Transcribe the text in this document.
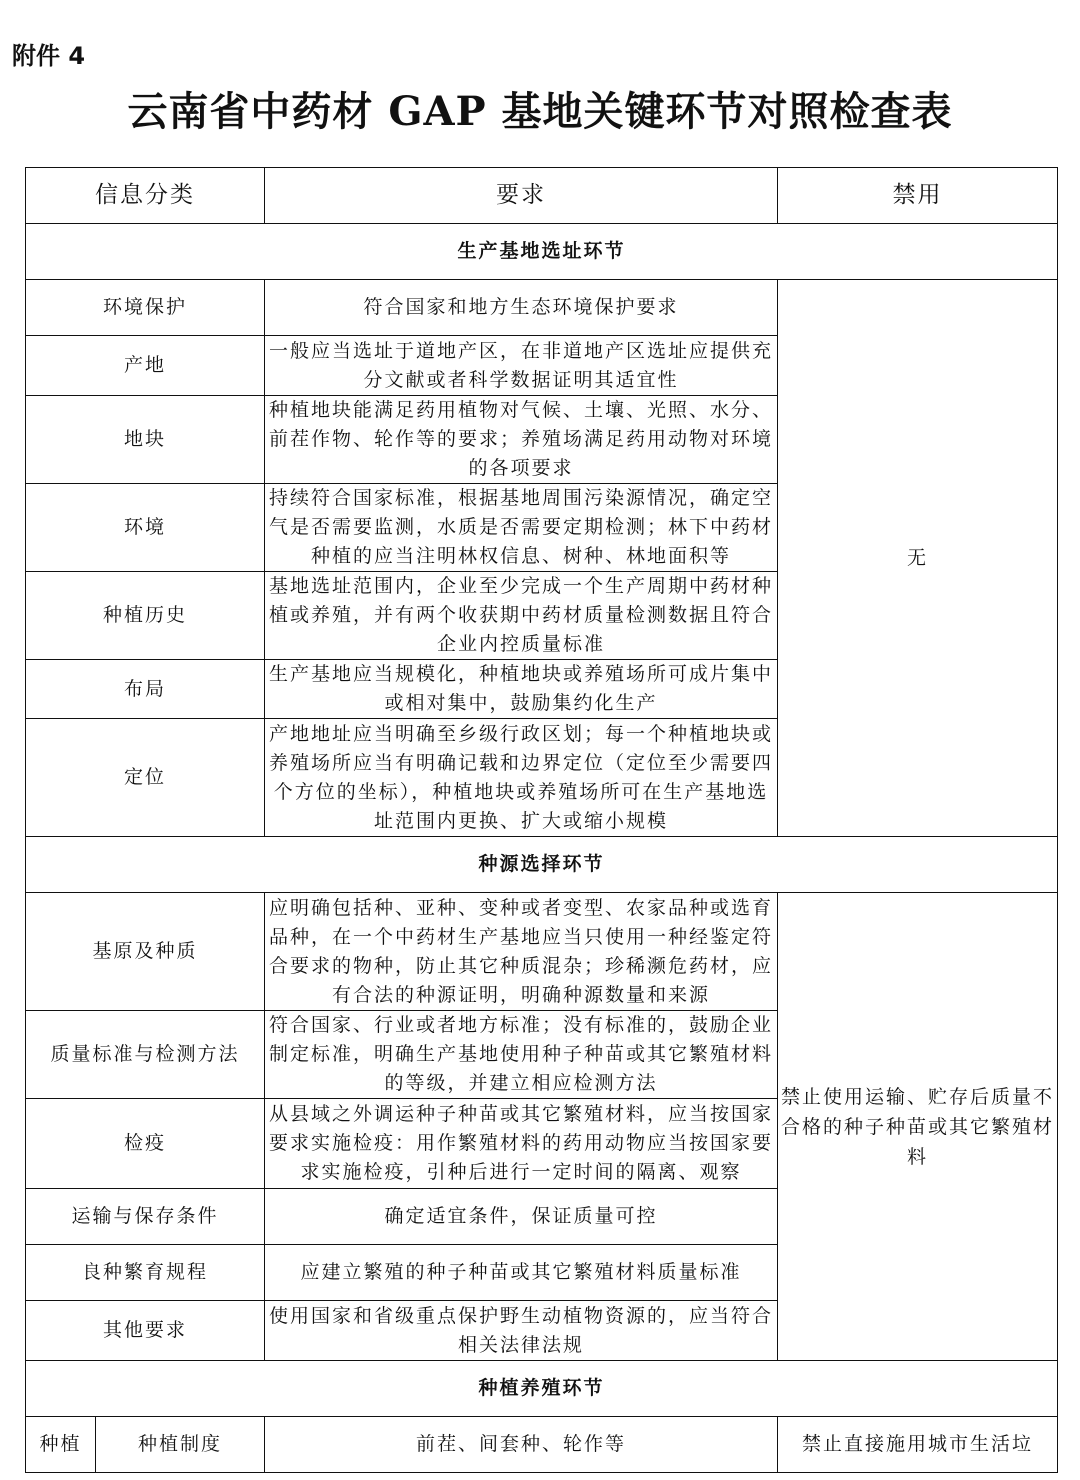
附件 4
云南省中药材 GAP 基地关键环节对照检查表
信息分类		要求	禁用
生产基地选址环节			
环境保护		符合国家和地方生态环境保护要求	无
产地		一般应当选址于道地产区，在非道地产区选址应提供充分文献或者科学数据证明其适宜性	
地块		种植地块能满足药用植物对气候、土壤、光照、水分、前茬作物、轮作等的要求；养殖场满足药用动物对环境的各项要求	
环境		持续符合国家标准，根据基地周围污染源情况，确定空气是否需要监测，水质是否需要定期检测；林下中药材种植的应当注明林权信息、树种、林地面积等	
种植历史		基地选址范围内，企业至少完成一个生产周期中药材种植或养殖，并有两个收获期中药材质量检测数据且符合企业内控质量标准	
布局		生产基地应当规模化，种植地块或养殖场所可成片集中或相对集中，鼓励集约化生产	
定位		产地地址应当明确至乡级行政区划；每一个种植地块或养殖场所应当有明确记载和边界定位（定位至少需要四个方位的坐标），种植地块或养殖场所可在生产基地选址范围内更换、扩大或缩小规模	
种源选择环节			
基原及种质		应明确包括种、亚种、变种或者变型、农家品种或选育品种，在一个中药材生产基地应当只使用一种经鉴定符合要求的物种，防止其它种质混杂；珍稀濒危药材，应有合法的种源证明，明确种源数量和来源	禁止使用运输、贮存后质量不合格的种子种苗或其它繁殖材料
质量标准与检测方法		符合国家、行业或者地方标准；没有标准的，鼓励企业制定标准，明确生产基地使用种子种苗或其它繁殖材料的等级，并建立相应检测方法	
检疫		从县域之外调运种子种苗或其它繁殖材料，应当按国家要求实施检疫：用作繁殖材料的药用动物应当按国家要求实施检疫，引种后进行一定时间的隔离、观察	
运输与保存条件		确定适宜条件，保证质量可控	
良种繁育规程		应建立繁殖的种子种苗或其它繁殖材料质量标准	
其他要求		使用国家和省级重点保护野生动植物资源的，应当符合相关法律法规	
种植养殖环节			
种植	种植制度	前茬、间套种、轮作等	禁止直接施用城市生活垃
